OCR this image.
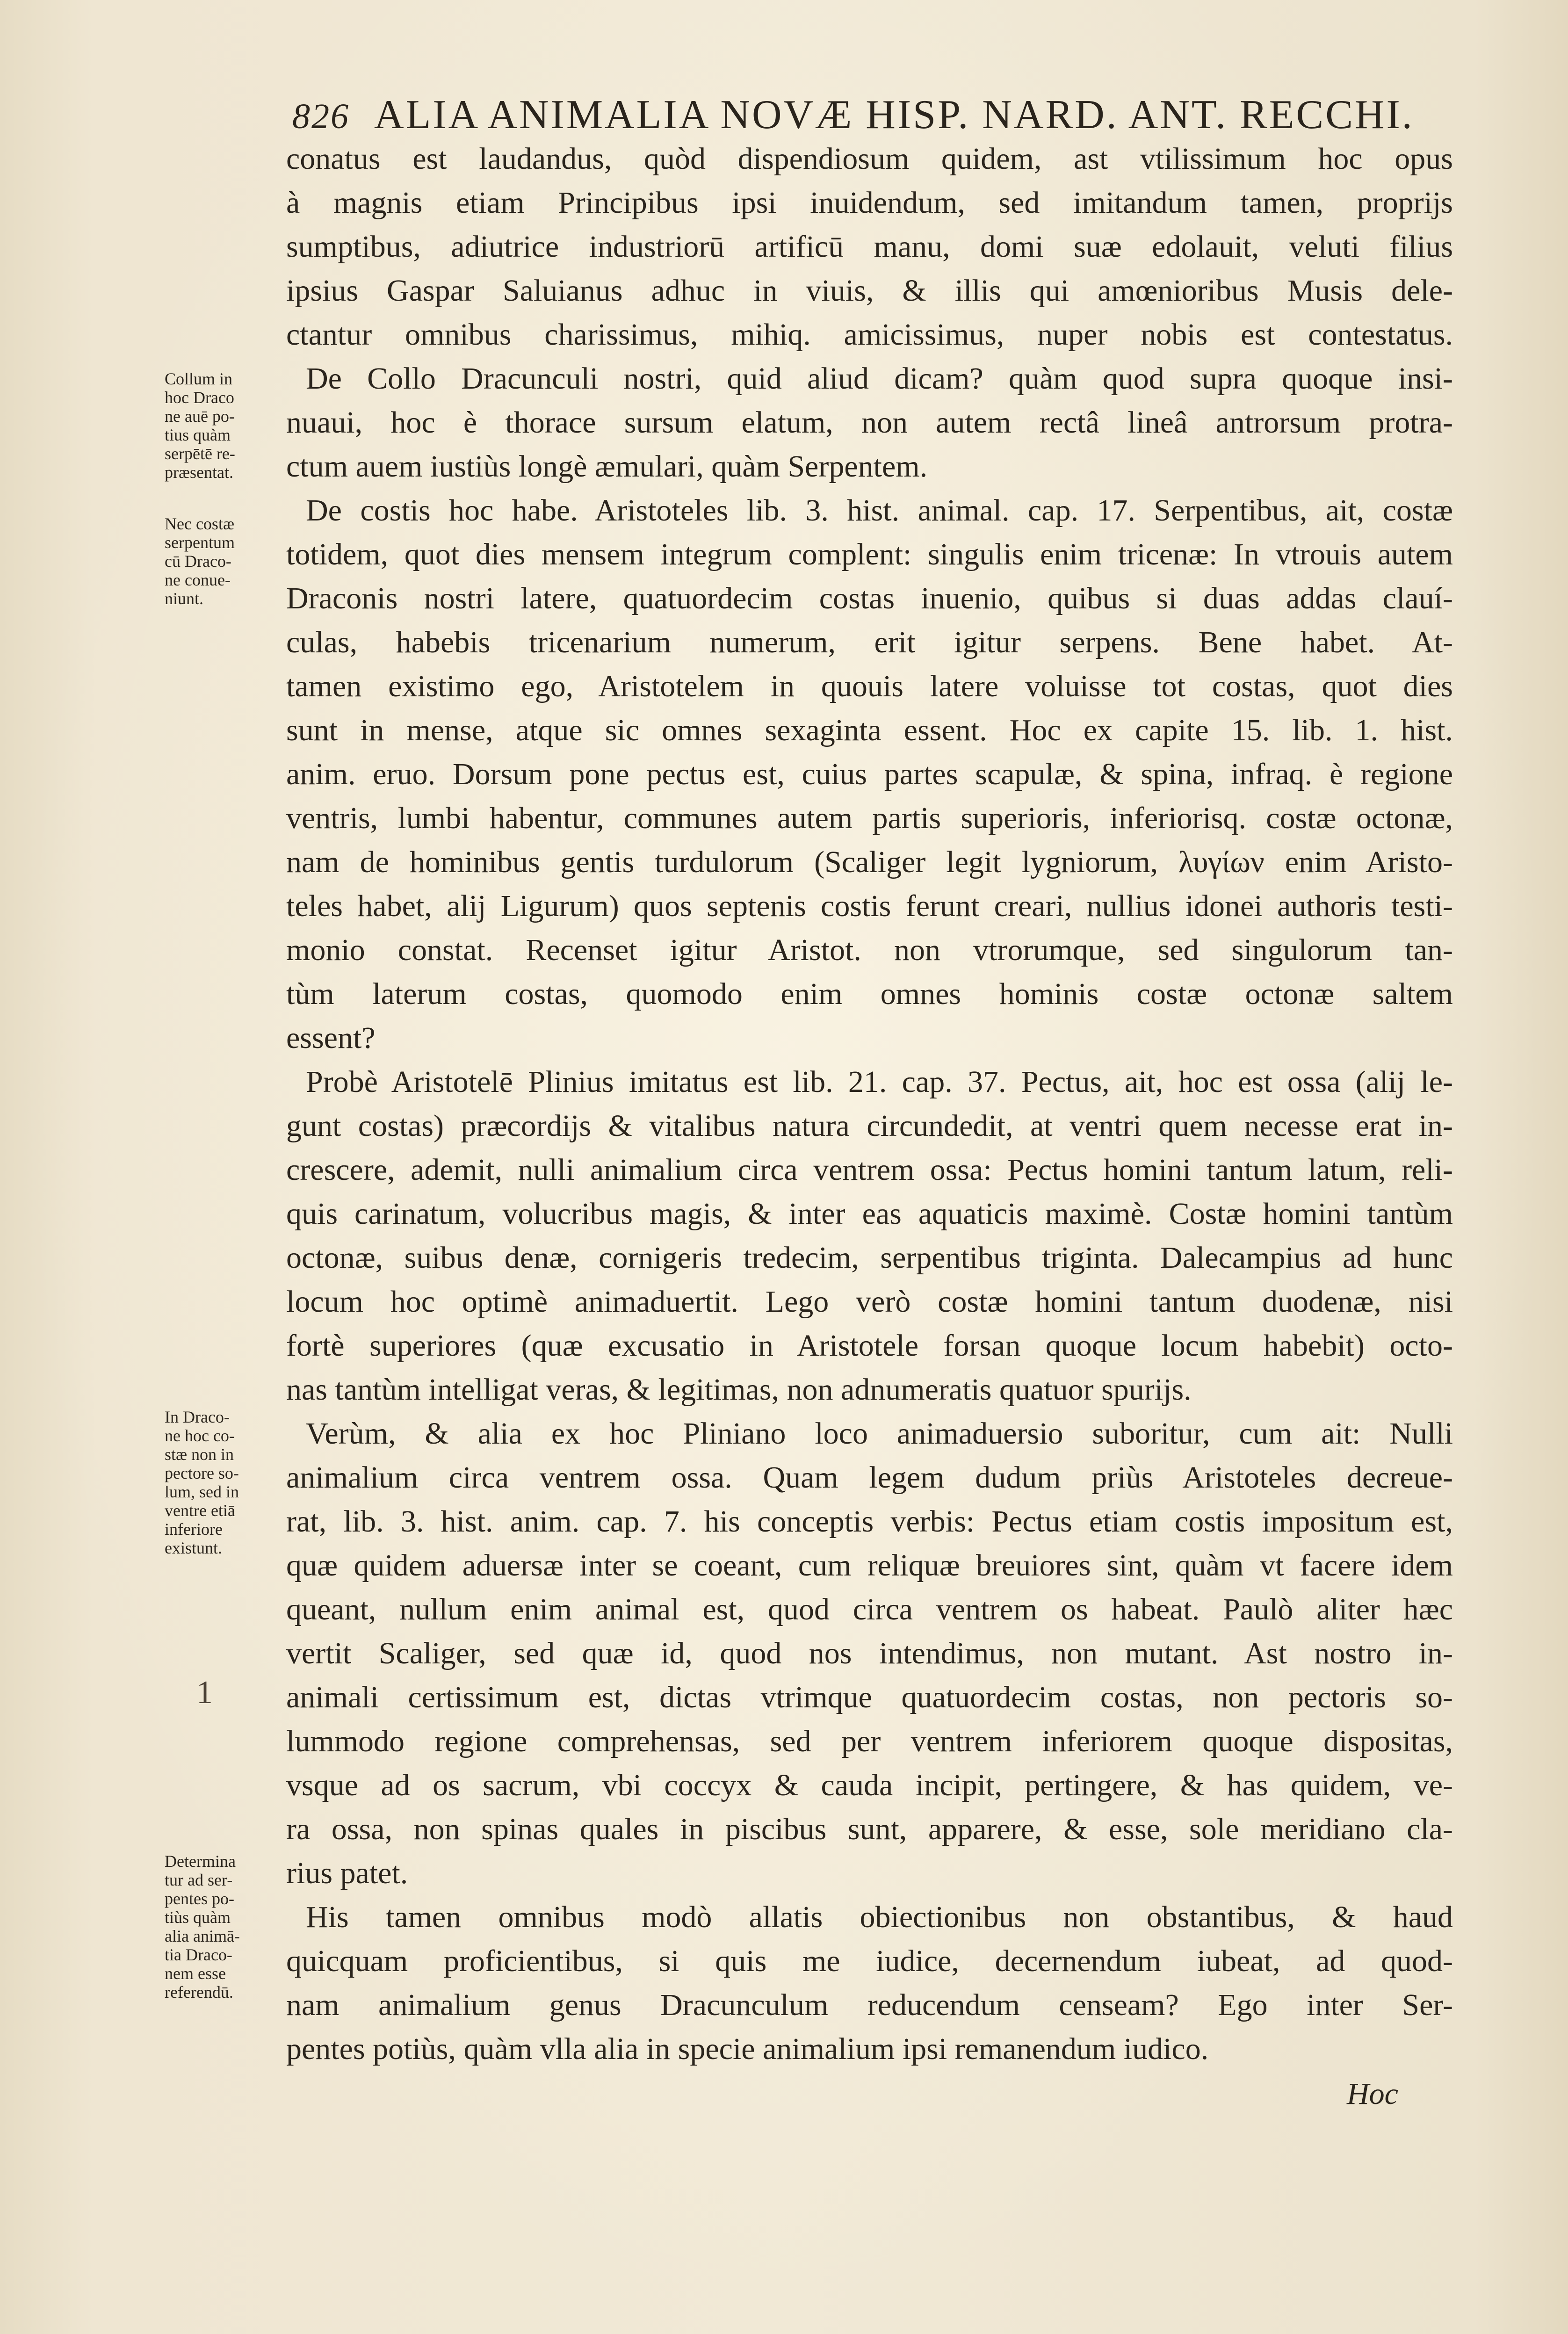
826 ALIA ANIMALIA NOVÆ HISP. NARD. ANT. RECCHI.
conatus est laudandus, quòd dispendiosum quidem, ast vtilissimum hoc opus
à magnis etiam Principibus ipsi inuidendum, sed imitandum tamen, proprijs
sumptibus, adiutrice industriorū artificū manu, domi suæ edolauit, veluti filius
ipsius Gaspar Saluianus adhuc in viuis, & illis qui amœnioribus Musis dele-
ctantur omnibus charissimus, mihiq. amicissimus, nuper nobis est contestatus.
De Collo Dracunculi nostri, quid aliud dicam? quàm quod supra quoque insi-
nuaui, hoc è thorace sursum elatum, non autem rectâ lineâ antrorsum protra-
ctum auem iustiùs longè æmulari, quàm Serpentem.
De costis hoc habe. Aristoteles lib. 3. hist. animal. cap. 17. Serpentibus, ait, costæ
totidem, quot dies mensem integrum complent: singulis enim tricenæ: In vtrouis autem
Draconis nostri latere, quatuordecim costas inuenio, quibus si duas addas clauí-
culas, habebis tricenarium numerum, erit igitur serpens. Bene habet. At-
tamen existimo ego, Aristotelem in quouis latere voluisse tot costas, quot dies
sunt in mense, atque sic omnes sexaginta essent. Hoc ex capite 15. lib. 1. hist.
anim. eruo. Dorsum pone pectus est, cuius partes scapulæ, & spina, infraq. è regione
ventris, lumbi habentur, communes autem partis superioris, inferiorisq. costæ octonæ,
nam de hominibus gentis turdulorum (Scaliger legit lygniorum, λυγίων enim Aristo-
teles habet, alij Ligurum) quos septenis costis ferunt creari, nullius idonei authoris testi-
monio constat. Recenset igitur Aristot. non vtrorumque, sed singulorum tan-
tùm laterum costas, quomodo enim omnes hominis costæ octonæ saltem
essent?
Probè Aristotelē Plinius imitatus est lib. 21. cap. 37. Pectus, ait, hoc est ossa (alij le-
gunt costas) præcordijs & vitalibus natura circundedit, at ventri quem necesse erat in-
crescere, ademit, nulli animalium circa ventrem ossa: Pectus homini tantum latum, reli-
quis carinatum, volucribus magis, & inter eas aquaticis maximè. Costæ homini tantùm
octonæ, suibus denæ, cornigeris tredecim, serpentibus triginta. Dalecampius ad hunc
locum hoc optimè animaduertit. Lego verò costæ homini tantum duodenæ, nisi
fortè superiores (quæ excusatio in Aristotele forsan quoque locum habebit) octo-
nas tantùm intelligat veras, & legitimas, non adnumeratis quatuor spurijs.
Verùm, & alia ex hoc Pliniano loco animaduersio suboritur, cum ait: Nulli
animalium circa ventrem ossa. Quam legem dudum priùs Aristoteles decreue-
rat, lib. 3. hist. anim. cap. 7. his conceptis verbis: Pectus etiam costis impositum est,
quæ quidem aduersæ inter se coeant, cum reliquæ breuiores sint, quàm vt facere idem
queant, nullum enim animal est, quod circa ventrem os habeat. Paulò aliter hæc
vertit Scaliger, sed quæ id, quod nos intendimus, non mutant. Ast nostro in-
animali certissimum est, dictas vtrimque quatuordecim costas, non pectoris so-
lummodo regione comprehensas, sed per ventrem inferiorem quoque dispositas,
vsque ad os sacrum, vbi coccyx & cauda incipit, pertingere, & has quidem, ve-
ra ossa, non spinas quales in piscibus sunt, apparere, & esse, sole meridiano cla-
rius patet.
His tamen omnibus modò allatis obiectionibus non obstantibus, & haud
quicquam proficientibus, si quis me iudice, decernendum iubeat, ad quod-
nam animalium genus Dracunculum reducendum censeam? Ego inter Ser-
pentes potiùs, quàm vlla alia in specie animalium ipsi remanendum iudico.
Collum in
hoc Draco
ne auē po-
tius quàm
serpētē re-
præsentat.
Nec costæ
serpentum
cū Draco-
ne conue-
niunt.
In Draco-
ne hoc co-
stæ non in
pectore so-
lum, sed in
ventre etiā
inferiore
existunt.
Determina
tur ad ser-
pentes po-
tiùs quàm
alia animā-
tia Draco-
nem esse
referendū.
1
Hoc
